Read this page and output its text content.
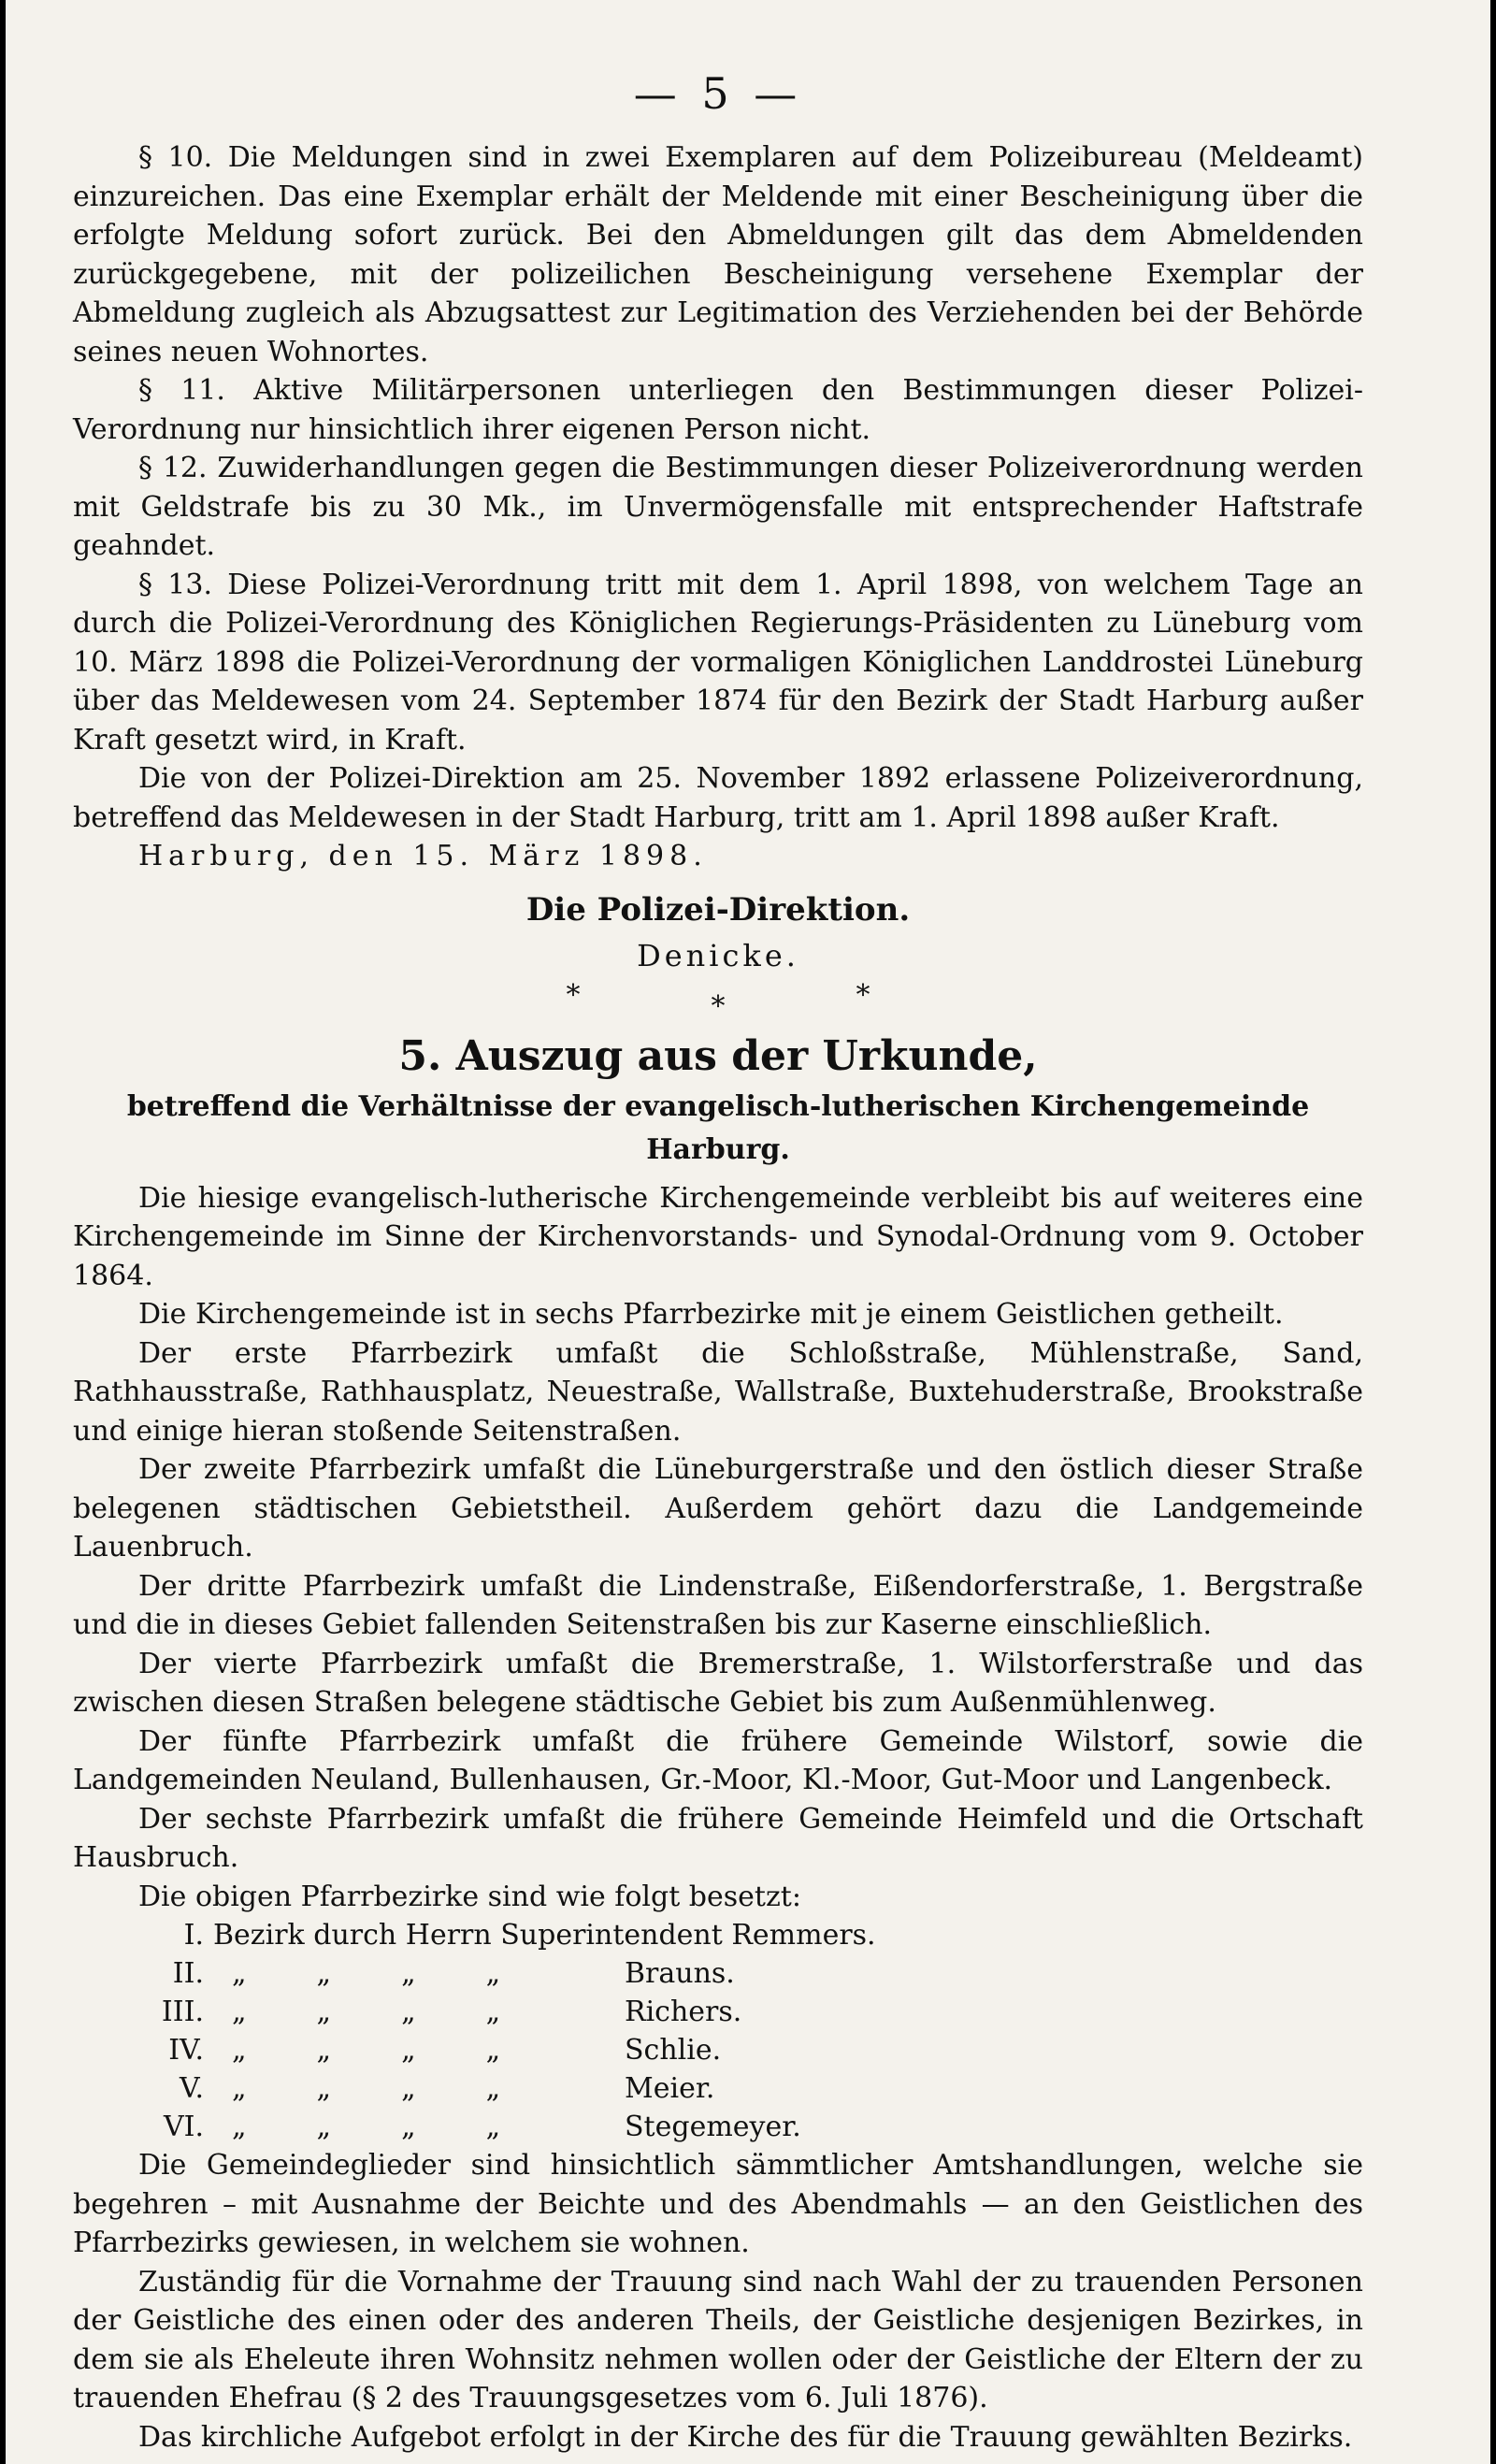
— 5 —

§ 10. Die Meldungen sind in zwei Exemplaren auf dem Polizeibureau (Meldeamt) einzureichen. Das eine Exemplar erhält der Meldende mit einer Bescheinigung über die erfolgte Meldung sofort zurück. Bei den Abmeldungen gilt das dem Abmeldenden zurückgegebene, mit der polizeilichen Bescheinigung versehene Exemplar der Abmeldung zugleich als Abzugsattest zur Legitimation des Verziehenden bei der Behörde seines neuen Wohnortes.

§ 11. Aktive Militärpersonen unterliegen den Bestimmungen dieser Polizei-Verordnung nur hinsichtlich ihrer eigenen Person nicht.

§ 12. Zuwiderhandlungen gegen die Bestimmungen dieser Polizeiverordnung werden mit Geldstrafe bis zu 30 Mk., im Unvermögensfalle mit entsprechender Haftstrafe geahndet.

§ 13. Diese Polizei-Verordnung tritt mit dem 1. April 1898, von welchem Tage an durch die Polizei-Verordnung des Königlichen Regierungs-Präsidenten zu Lüneburg vom 10. März 1898 die Polizei-Verordnung der vormaligen Königlichen Landdrostei Lüneburg über das Meldewesen vom 24. September 1874 für den Bezirk der Stadt Harburg außer Kraft gesetzt wird, in Kraft.

Die von der Polizei-Direktion am 25. November 1892 erlassene Polizeiverordnung, betreffend das Meldewesen in der Stadt Harburg, tritt am 1. April 1898 außer Kraft.

Harburg, den 15. März 1898.

Die Polizei-Direktion.
Denicke.
*	*	*
5. Auszug aus der Urkunde,
betreffend die Verhältnisse der evangelisch-lutherischen Kirchengemeinde Harburg.

Die hiesige evangelisch-lutherische Kirchengemeinde verbleibt bis auf weiteres eine Kirchengemeinde im Sinne der Kirchenvorstands- und Synodal-Ordnung vom 9. October 1864.

Die Kirchengemeinde ist in sechs Pfarrbezirke mit je einem Geistlichen getheilt.

Der erste Pfarrbezirk umfaßt die Schloßstraße, Mühlenstraße, Sand, Rathhausstraße, Rathhausplatz, Neuestraße, Wallstraße, Buxtehuderstraße, Brookstraße und einige hieran stoßende Seitenstraßen.

Der zweite Pfarrbezirk umfaßt die Lüneburgerstraße und den östlich dieser Straße belegenen städtischen Gebietstheil. Außerdem gehört dazu die Landgemeinde Lauenbruch.

Der dritte Pfarrbezirk umfaßt die Lindenstraße, Eißendorferstraße, 1. Bergstraße und die in dieses Gebiet fallenden Seitenstraßen bis zur Kaserne einschließlich.

Der vierte Pfarrbezirk umfaßt die Bremerstraße, 1. Wilstorferstraße und das zwischen diesen Straßen belegene städtische Gebiet bis zum Außenmühlenweg.

Der fünfte Pfarrbezirk umfaßt die frühere Gemeinde Wilstorf, sowie die Landgemeinden Neuland, Bullenhausen, Gr.-Moor, Kl.-Moor, Gut-Moor und Langenbeck.

Der sechste Pfarrbezirk umfaßt die frühere Gemeinde Heimfeld und die Ortschaft Hausbruch.

Die obigen Pfarrbezirke sind wie folgt besetzt:

I. Bezirk durch Herrn Superintendent Remmers.
II.	„	„	„	„	Brauns.
III.	„	„	„	„	Richers.
IV.	„	„	„	„	Schlie.
V.	„	„	„	„	Meier.
VI.	„	„	„	„	Stegemeyer.

Die Gemeindeglieder sind hinsichtlich sämmtlicher Amtshandlungen, welche sie begehren – mit Ausnahme der Beichte und des Abendmahls — an den Geistlichen des Pfarrbezirks gewiesen, in welchem sie wohnen.

Zuständig für die Vornahme der Trauung sind nach Wahl der zu trauenden Personen der Geistliche des einen oder des anderen Theils, der Geistliche desjenigen Bezirkes, in dem sie als Eheleute ihren Wohnsitz nehmen wollen oder der Geistliche der Eltern der zu trauenden Ehefrau (§ 2 des Trauungsgesetzes vom 6. Juli 1876).

Das kirchliche Aufgebot erfolgt in der Kirche des für die Trauung gewählten Bezirks.
